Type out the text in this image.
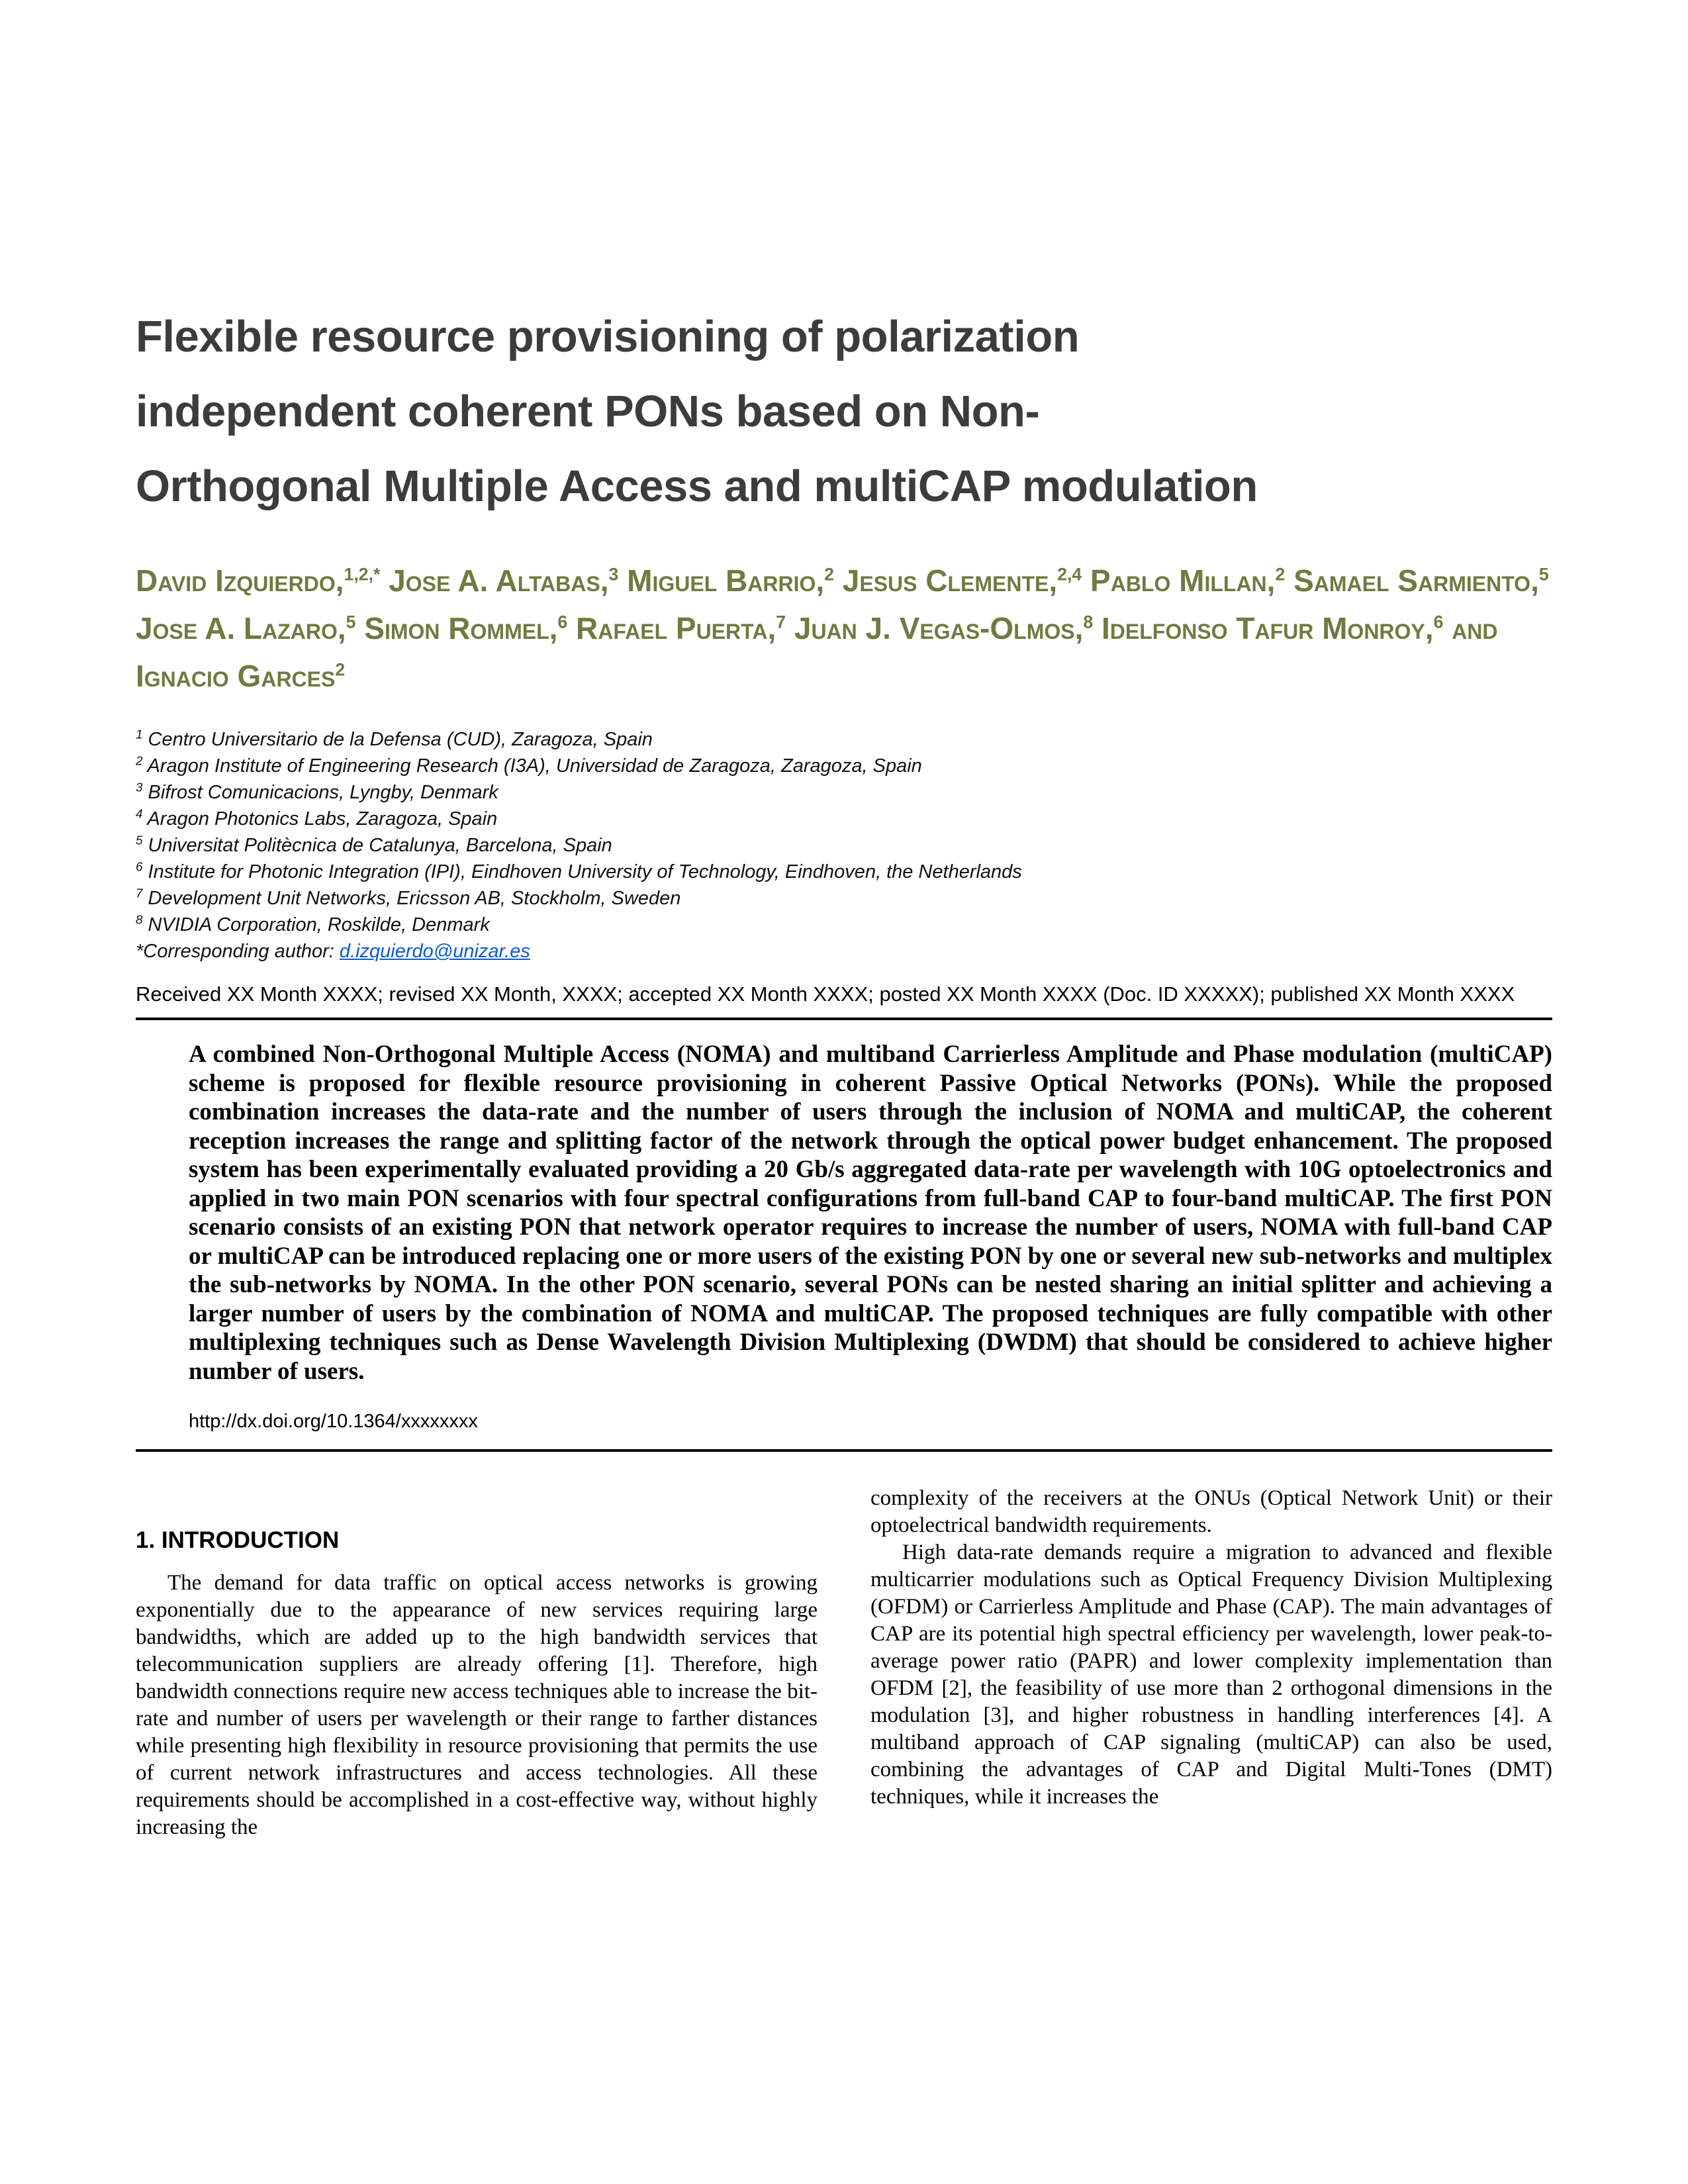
Flexible resource provisioning of polarization
independent coherent PONs based on Non-
Orthogonal Multiple Access and multiCAP modulation
David Izquierdo,$^{1,2,*}$ Jose A. Altabas,$^3$ Miguel Barrio,$^2$ Jesus Clemente,$^{2,4}$ Pablo Millan,$^2$ Samael Sarmiento,$^5$ Jose A. Lazaro,$^5$ Simon Rommel,$^6$ Rafael Puerta,$^7$ Juan J. Vegas-Olmos,$^8$ Idelfonso Tafur Monroy,$^6$ and Ignacio Garces$^2$
$^1$ Centro Universitario de la Defensa (CUD), Zaragoza, Spain
$^2$ Aragon Institute of Engineering Research (I3A), Universidad de Zaragoza, Zaragoza, Spain
$^3$ Bifrost Comunicacions, Lyngby, Denmark
$^4$ Aragon Photonics Labs, Zaragoza, Spain
$^5$ Universitat Politècnica de Catalunya, Barcelona, Spain
$^6$ Institute for Photonic Integration (IPI), Eindhoven University of Technology, Eindhoven, the Netherlands
$^7$ Development Unit Networks, Ericsson AB, Stockholm, Sweden
$^8$ NVIDIA Corporation, Roskilde, Denmark
*Corresponding author: d.izquierdo@unizar.es
Received XX Month XXXX; revised XX Month, XXXX; accepted XX Month XXXX; posted XX Month XXXX (Doc. ID XXXXX); published XX Month XXXX
A combined Non-Orthogonal Multiple Access (NOMA) and multiband Carrierless Amplitude and Phase modulation (multiCAP) scheme is proposed for flexible resource provisioning in coherent Passive Optical Networks (PONs). While the proposed combination increases the data-rate and the number of users through the inclusion of NOMA and multiCAP, the coherent reception increases the range and splitting factor of the network through the optical power budget enhancement. The proposed system has been experimentally evaluated providing a 20 Gb/s aggregated data-rate per wavelength with 10G optoelectronics and applied in two main PON scenarios with four spectral configurations from full-band CAP to four-band multiCAP. The first PON scenario consists of an existing PON that network operator requires to increase the number of users, NOMA with full-band CAP or multiCAP can be introduced replacing one or more users of the existing PON by one or several new sub-networks and multiplex the sub-networks by NOMA. In the other PON scenario, several PONs can be nested sharing an initial splitter and achieving a larger number of users by the combination of NOMA and multiCAP. The proposed techniques are fully compatible with other multiplexing techniques such as Dense Wavelength Division Multiplexing (DWDM) that should be considered to achieve higher number of users.
http://dx.doi.org/10.1364/xxxxxxxx
1. INTRODUCTION

The demand for data traffic on optical access networks is growing exponentially due to the appearance of new services requiring large bandwidths, which are added up to the high bandwidth services that telecommunication suppliers are already offering [1]. Therefore, high bandwidth connections require new access techniques able to increase the bit-rate and number of users per wavelength or their range to farther distances while presenting high flexibility in resource provisioning that permits the use of current network infrastructures and access technologies. All these requirements should be accomplished in a cost-effective way, without highly increasing the

complexity of the receivers at the ONUs (Optical Network Unit) or their optoelectrical bandwidth requirements.

High data-rate demands require a migration to advanced and flexible multicarrier modulations such as Optical Frequency Division Multiplexing (OFDM) or Carrierless Amplitude and Phase (CAP). The main advantages of CAP are its potential high spectral efficiency per wavelength, lower peak-to-average power ratio (PAPR) and lower complexity implementation than OFDM [2], the feasibility of use more than 2 orthogonal dimensions in the modulation [3], and higher robustness in handling interferences [4]. A multiband approach of CAP signaling (multiCAP) can also be used, combining the advantages of CAP and Digital Multi-Tones (DMT) techniques, while it increases the
